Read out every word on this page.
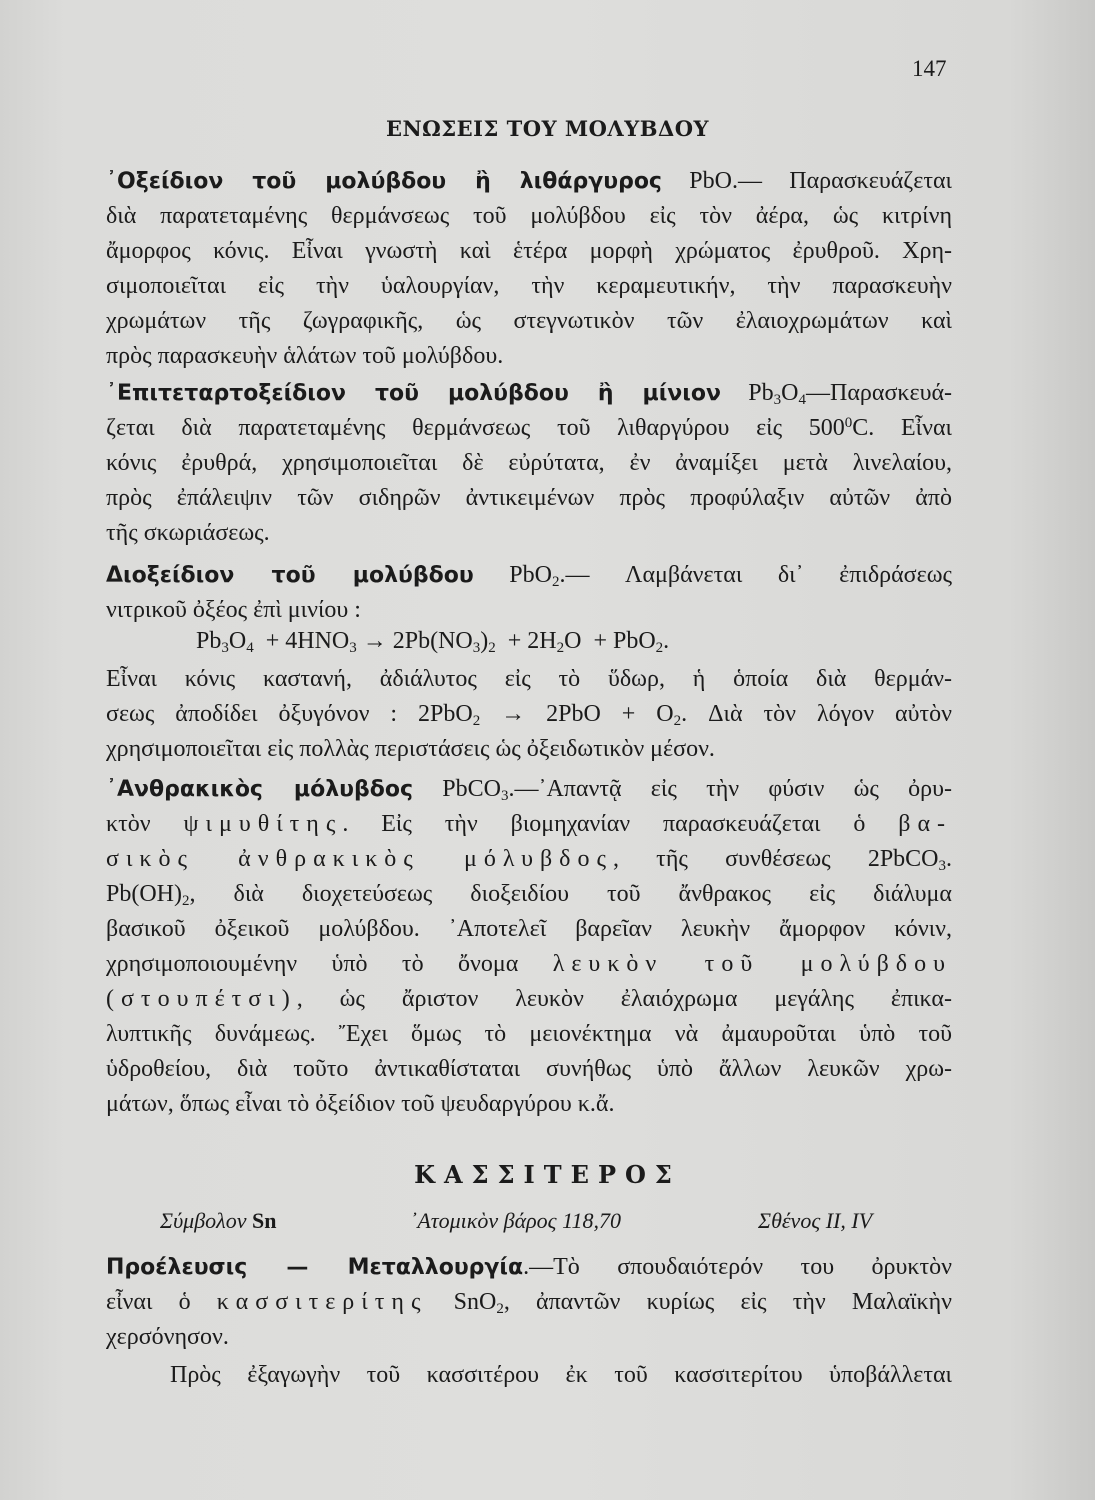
147
ΕΝΩΣΕΙΣ ΤΟΥ ΜΟΛΥΒΔΟΥ
᾿Οξείδιον τοῦ μολύβδου ἢ λιθάργυρος PbO.— Παρασκευάζεται
διὰ παρατεταμένης θερμάνσεως τοῦ μολύβδου εἰς τὸν ἀέρα, ὡς κιτρίνη
ἄμορφος κόνις. Εἶναι γνωστὴ καὶ ἑτέρα μορφὴ χρώματος ἐρυθροῦ. Χρη-
σιμοποιεῖται εἰς τὴν ὑαλουργίαν, τὴν κεραμευτικήν, τὴν παρασκευὴν
χρωμάτων τῆς ζωγραφικῆς, ὡς στεγνωτικὸν τῶν ἐλαιοχρωμάτων καὶ
πρὸς παρασκευὴν ἁλάτων τοῦ μολύβδου.
᾿Επιτεταρτοξείδιον τοῦ μολύβδου ἢ μίνιον $Pb_3O_4—\Pi\alpha\rho\alpha\sigma\kappa\varepsilon\upsilon ά-$
ζεται διὰ παρατεταμένης θερμάνσεως τοῦ λιθαργύρου εἰς $500^0C$. Εἶναι
κόνις ἐρυθρά, χρησιμοποιεῖται δὲ εὐρύτατα, ἐν ἀναμίξει μετὰ λινελαίου,
πρὸς ἐπάλειψιν τῶν σιδηρῶν ἀντικειμένων πρὸς προφύλαξιν αὐτῶν ἀπὸ
τῆς σκωριάσεως.
Διοξείδιον τοῦ μολύβδου PbO$_2$.— Λαμβάνεται δι᾿ ἐπιδράσεως
νιτρικοῦ ὀξέος ἐπὶ μινίου :
$Pb_3O_4 + 4HNO_3 \to 2Pb(NO_3)_2 + 2H_2O + PbO_2$.
Εἶναι κόνις καστανή, ἀδιάλυτος εἰς τὸ ὕδωρ, ἡ ὁποία διὰ θερμάν-
σεως ἀποδίδει ὀξυγόνον : $2PbO_2 \to 2PbO + O_2$. Διὰ τὸν λόγον αὐτὸν
χρησιμοποιεῖται εἰς πολλὰς περιστάσεις ὡς ὀξειδωτικὸν μέσον.
᾿Ανθρακικὸς μόλυβδος PbCO$_3$.—᾿Απαντᾷ εἰς τὴν φύσιν ὡς ὀρυ-
κτὸν ψιμυθίτης. Εἰς τὴν βιομηχανίαν παρασκευάζεται ὁ βα-
σικὸς ἀνθρακικὸς μόλυβδος, τῆς συνθέσεως 2PbCO$_3$.
$Pb(OH)_2$, διὰ διοχετεύσεως διοξειδίου τοῦ ἄνθρακος εἰς διάλυμα
βασικοῦ ὀξεικοῦ μολύβδου. ᾿Αποτελεῖ βαρεῖαν λευκὴν ἄμορφον κόνιν,
χρησιμοποιουμένην ὑπὸ τὸ ὄνομα λευκὸν τοῦ μολύβδου
(στουπέτσι), ὡς ἄριστον λευκὸν ἐλαιόχρωμα μεγάλης ἐπικα-
λυπτικῆς δυνάμεως. Ἔχει ὅμως τὸ μειονέκτημα νὰ ἀμαυροῦται ὑπὸ τοῦ
ὑδροθείου, διὰ τοῦτο ἀντικαθίσταται συνήθως ὑπὸ ἄλλων λευκῶν χρω-
μάτων, ὅπως εἶναι τὸ ὀξείδιον τοῦ ψευδαργύρου κ.ἄ.
ΚΑΣΣΙΤΕΡΟΣ
Σύμβολον Sn	᾿Ατομικὸν βάρος 118,70	Σθένος II, IV
Προέλευσις — Μεταλλουργία.—Τὸ σπουδαιότερόν του ὀρυκτὸν
εἶναι ὁ κασσιτερίτης SnO$_2$, ἀπαντῶν κυρίως εἰς τὴν Μαλαϊκὴν
χερσόνησον.
Πρὸς ἐξαγωγὴν τοῦ κασσιτέρου ἐκ τοῦ κασσιτερίτου ὑποβάλλεται
